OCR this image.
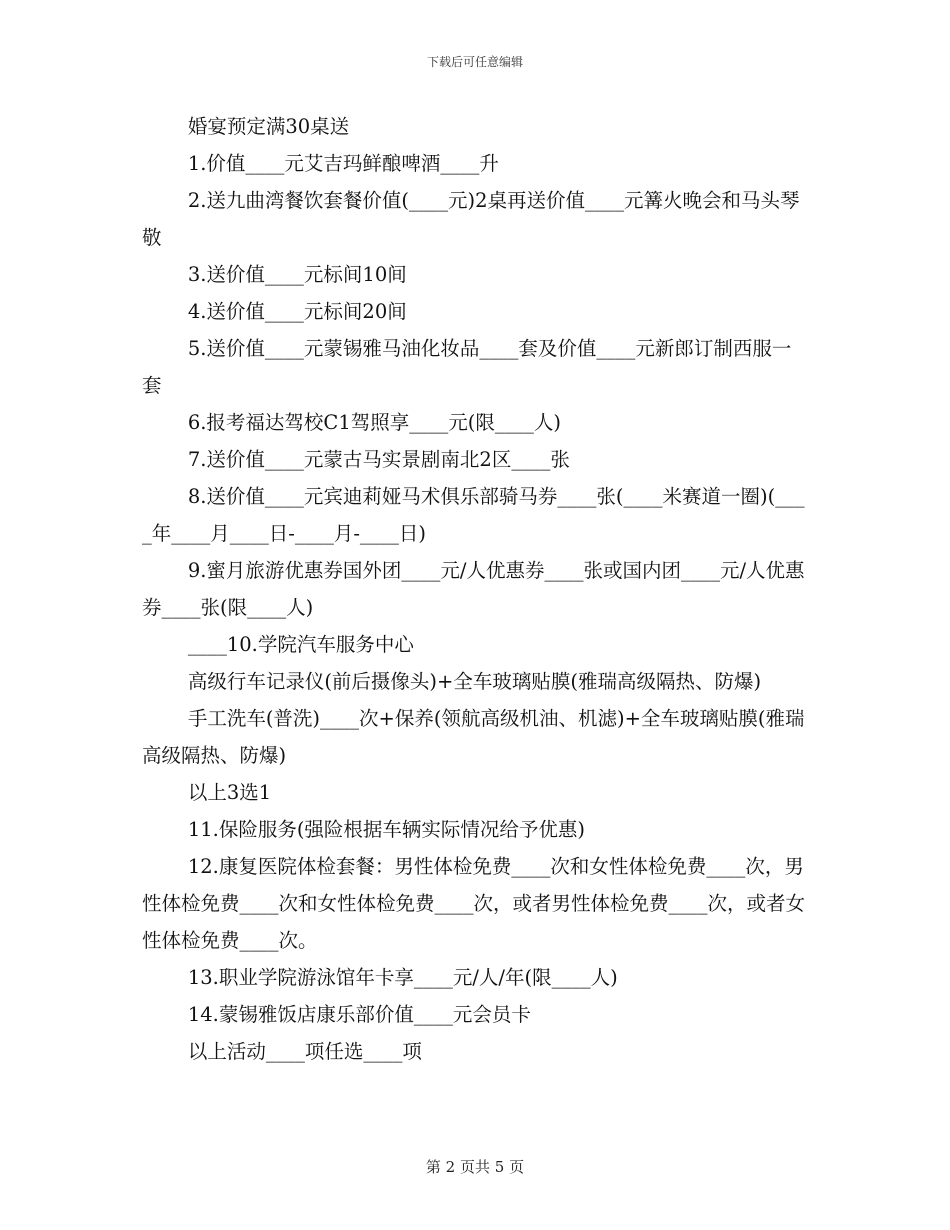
下载后可任意编辑

婚宴预定满30桌送

1.价值____元艾吉玛鲜酿啤酒____升

2.送九曲湾餐饮套餐价值(____元)2桌再送价值____元篝火晚会和马头琴敬

3.送价值____元标间10间

4.送价值____元标间20间

5.送价值____元蒙锡雅马油化妆品____套及价值____元新郎订制西服一套

6.报考福达驾校C1驾照享____元(限____人)

7.送价值____元蒙古马实景剧南北2区____张

8.送价值____元宾迪莉娅马术俱乐部骑马券____张(____米赛道一圈)(____年____月____日-____月-____日)

9.蜜月旅游优惠券国外团____元/人优惠券____张或国内团____元/人优惠券____张(限____人)

____10.学院汽车服务中心

高级行车记录仪(前后摄像头)+全车玻璃贴膜(雅瑞高级隔热、防爆)

手工洗车(普洗)____次+保养(领航高级机油、机滤)+全车玻璃贴膜(雅瑞高级隔热、防爆)

以上3选1

11.保险服务(强险根据车辆实际情况给予优惠)

12.康复医院体检套餐：男性体检免费____次和女性体检免费____次，男性体检免费____次和女性体检免费____次，或者男性体检免费____次，或者女性体检免费____次。

13.职业学院游泳馆年卡享____元/人/年(限____人)

14.蒙锡雅饭店康乐部价值____元会员卡

以上活动____项任选____项

第 2 页共 5 页
